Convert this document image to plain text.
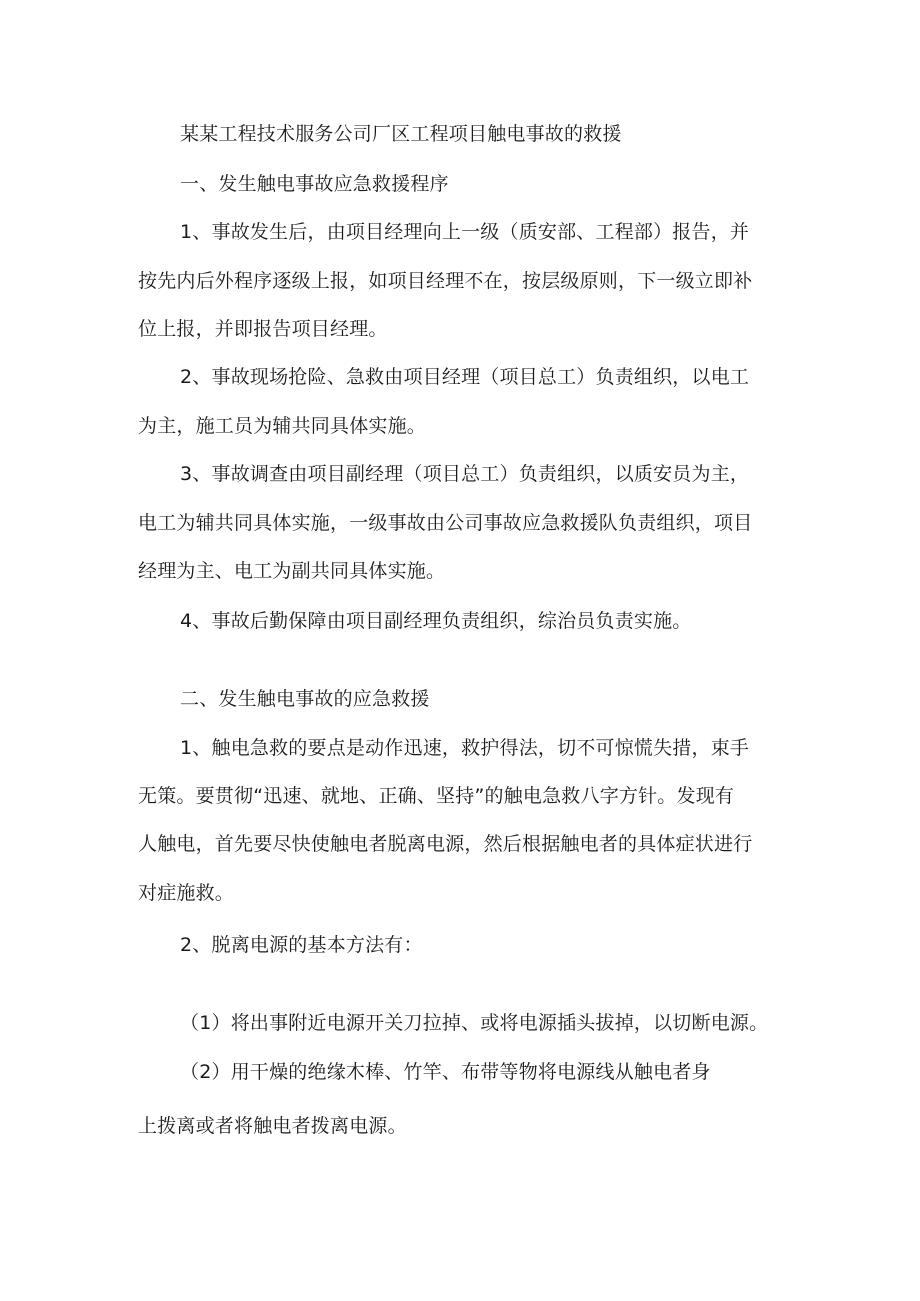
某某工程技术服务公司厂区工程项目触电事故的救援
一、发生触电事故应急救援程序
1、事故发生后，由项目经理向上一级（质安部、工程部）报告，并
按先内后外程序逐级上报，如项目经理不在，按层级原则，下一级立即补
位上报，并即报告项目经理。
2、事故现场抢险、急救由项目经理（项目总工）负责组织，以电工
为主，施工员为辅共同具体实施。
3、事故调查由项目副经理（项目总工）负责组织，以质安员为主，
电工为辅共同具体实施，一级事故由公司事故应急救援队负责组织，项目
经理为主、电工为副共同具体实施。
4、事故后勤保障由项目副经理负责组织，综治员负责实施。
二、发生触电事故的应急救援
1、触电急救的要点是动作迅速，救护得法，切不可惊慌失措，束手
无策。要贯彻“迅速、就地、正确、坚持”的触电急救八字方针。发现有
人触电，首先要尽快使触电者脱离电源，然后根据触电者的具体症状进行
对症施救。
2、脱离电源的基本方法有：
（1）将出事附近电源开关刀拉掉、或将电源插头拔掉，以切断电源。
（2）用干燥的绝缘木棒、竹竿、布带等物将电源线从触电者身
上拨离或者将触电者拨离电源。
